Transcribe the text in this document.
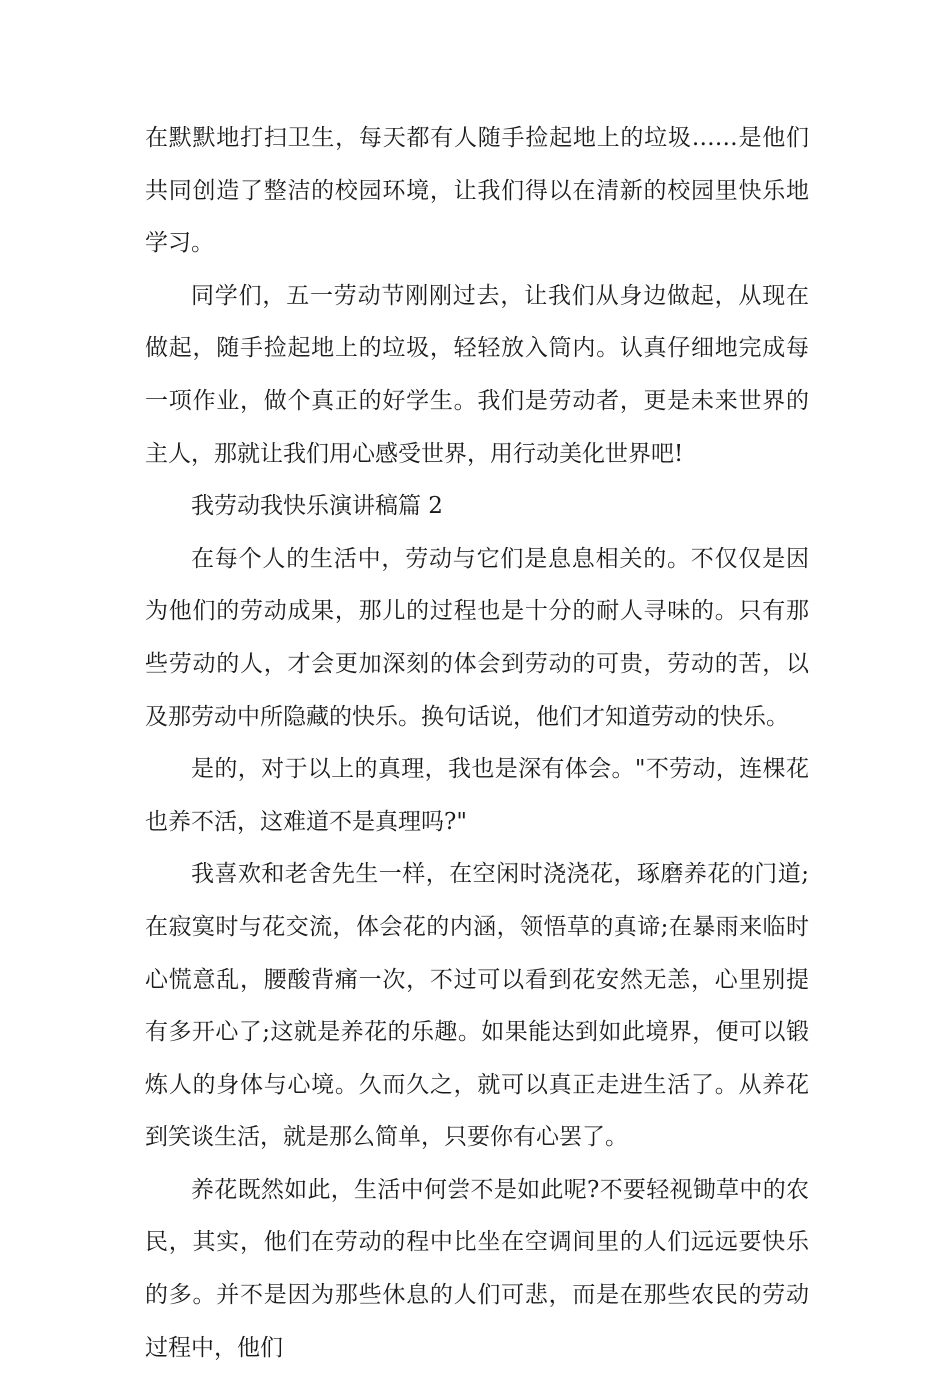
在默默地打扫卫生，每天都有人随手捡起地上的垃圾……是他们共同创造了整洁的校园环境，让我们得以在清新的校园里快乐地学习。

同学们，五一劳动节刚刚过去，让我们从身边做起，从现在做起，随手捡起地上的垃圾，轻轻放入筒内。认真仔细地完成每一项作业，做个真正的好学生。我们是劳动者，更是未来世界的主人，那就让我们用心感受世界，用行动美化世界吧!

我劳动我快乐演讲稿篇 2

在每个人的生活中，劳动与它们是息息相关的。不仅仅是因为他们的劳动成果，那儿的过程也是十分的耐人寻味的。只有那些劳动的人，才会更加深刻的体会到劳动的可贵，劳动的苦，以及那劳动中所隐藏的快乐。换句话说，他们才知道劳动的快乐。

是的，对于以上的真理，我也是深有体会。"不劳动，连棵花也养不活，这难道不是真理吗?"

我喜欢和老舍先生一样，在空闲时浇浇花，琢磨养花的门道;在寂寞时与花交流，体会花的内涵，领悟草的真谛;在暴雨来临时心慌意乱，腰酸背痛一次，不过可以看到花安然无恙，心里别提有多开心了;这就是养花的乐趣。如果能达到如此境界，便可以锻炼人的身体与心境。久而久之，就可以真正走进生活了。从养花到笑谈生活，就是那么简单，只要你有心罢了。

养花既然如此，生活中何尝不是如此呢?不要轻视锄草中的农民，其实，他们在劳动的程中比坐在空调间里的人们远远要快乐的多。并不是因为那些休息的人们可悲，而是在那些农民的劳动过程中，他们
